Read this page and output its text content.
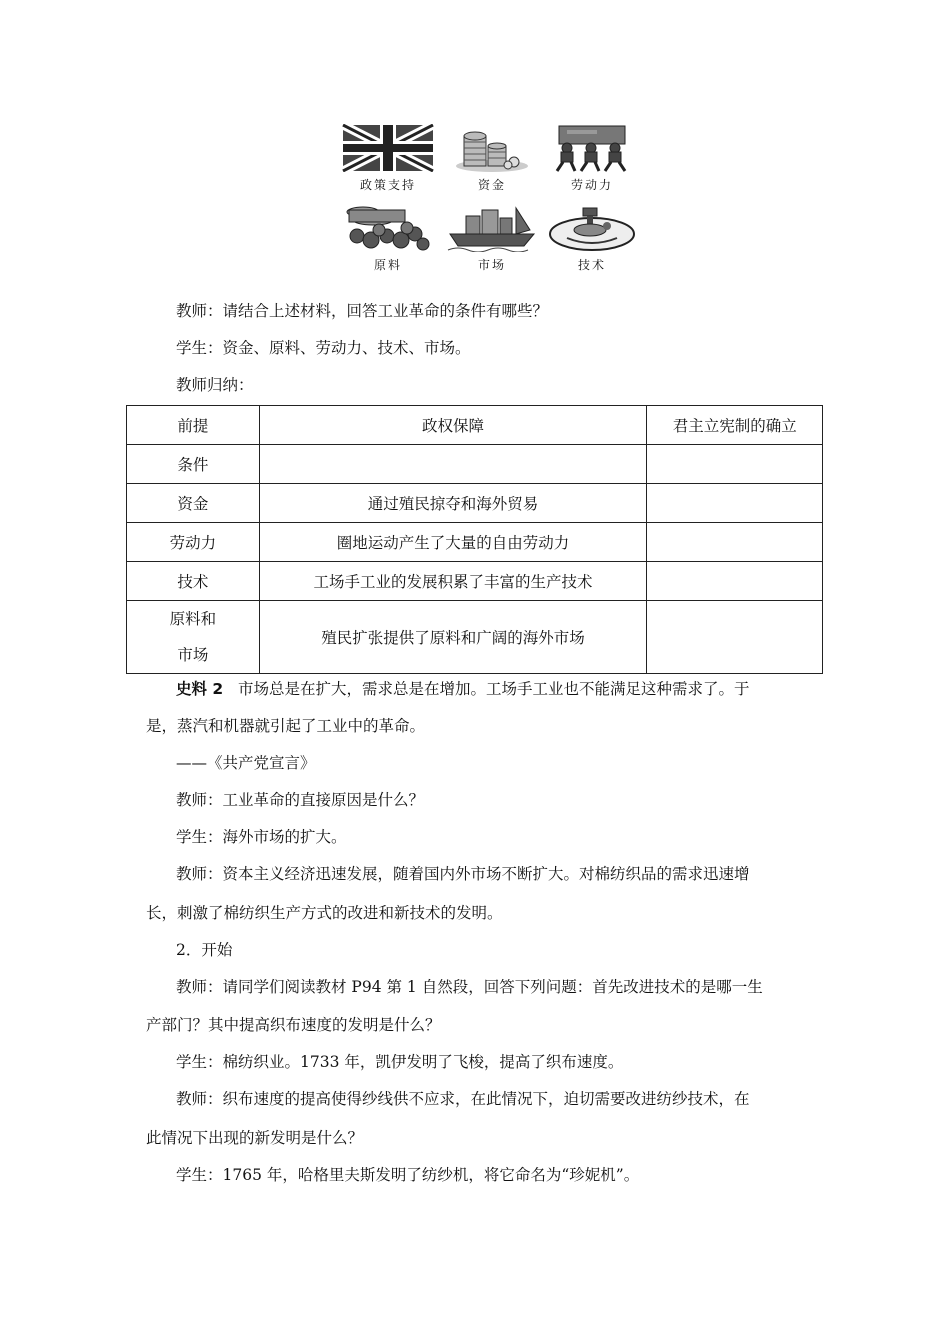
政策支持	资金	劳动力
原料	市场	技术
教师：请结合上述材料，回答工业革命的条件有哪些？
学生：资金、原料、劳动力、技术、市场。
教师归纳：
前提	政权保障	君主立宪制的确立
条件		
资金	通过殖民掠夺和海外贸易	
劳动力	圈地运动产生了大量的自由劳动力	
技术	工场手工业的发展积累了丰富的生产技术	

原料和
市场	殖民扩张提供了原料和广阔的海外市场	
史料 2 市场总是在扩大，需求总是在增加。工场手工业也不能满足这种需求了。于
是，蒸汽和机器就引起了工业中的革命。
——《共产党宣言》
教师：工业革命的直接原因是什么？
学生：海外市场的扩大。
教师：资本主义经济迅速发展，随着国内外市场不断扩大。对棉纺织品的需求迅速增
长，刺激了棉纺织生产方式的改进和新技术的发明。
2．开始
教师：请同学们阅读教材 P94 第 1 自然段，回答下列问题：首先改进技术的是哪一生
产部门？其中提高织布速度的发明是什么？
学生：棉纺织业。1733 年，凯伊发明了飞梭，提高了织布速度。
教师：织布速度的提高使得纱线供不应求，在此情况下，迫切需要改进纺纱技术，在
此情况下出现的新发明是什么？
学生：1765 年，哈格里夫斯发明了纺纱机，将它命名为“珍妮机”。
